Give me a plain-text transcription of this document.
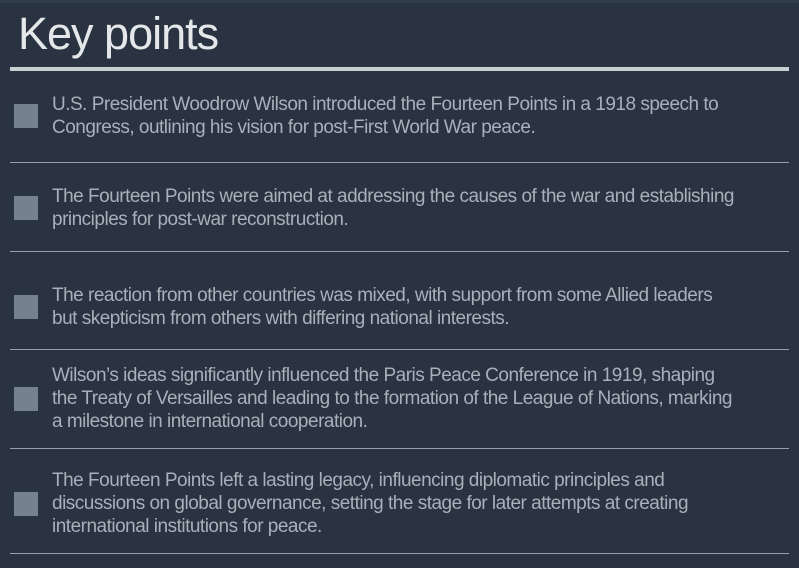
Key points
U.S. President Woodrow Wilson introduced the Fourteen Points in a 1918 speech to
Congress, outlining his vision for post-First World War peace.
The Fourteen Points were aimed at addressing the causes of the war and establishing
principles for post-war reconstruction.
The reaction from other countries was mixed, with support from some Allied leaders
but skepticism from others with differing national interests.
Wilson’s ideas significantly influenced the Paris Peace Conference in 1919, shaping
the Treaty of Versailles and leading to the formation of the League of Nations, marking
a milestone in international cooperation.
The Fourteen Points left a lasting legacy, influencing diplomatic principles and
discussions on global governance, setting the stage for later attempts at creating
international institutions for peace.
